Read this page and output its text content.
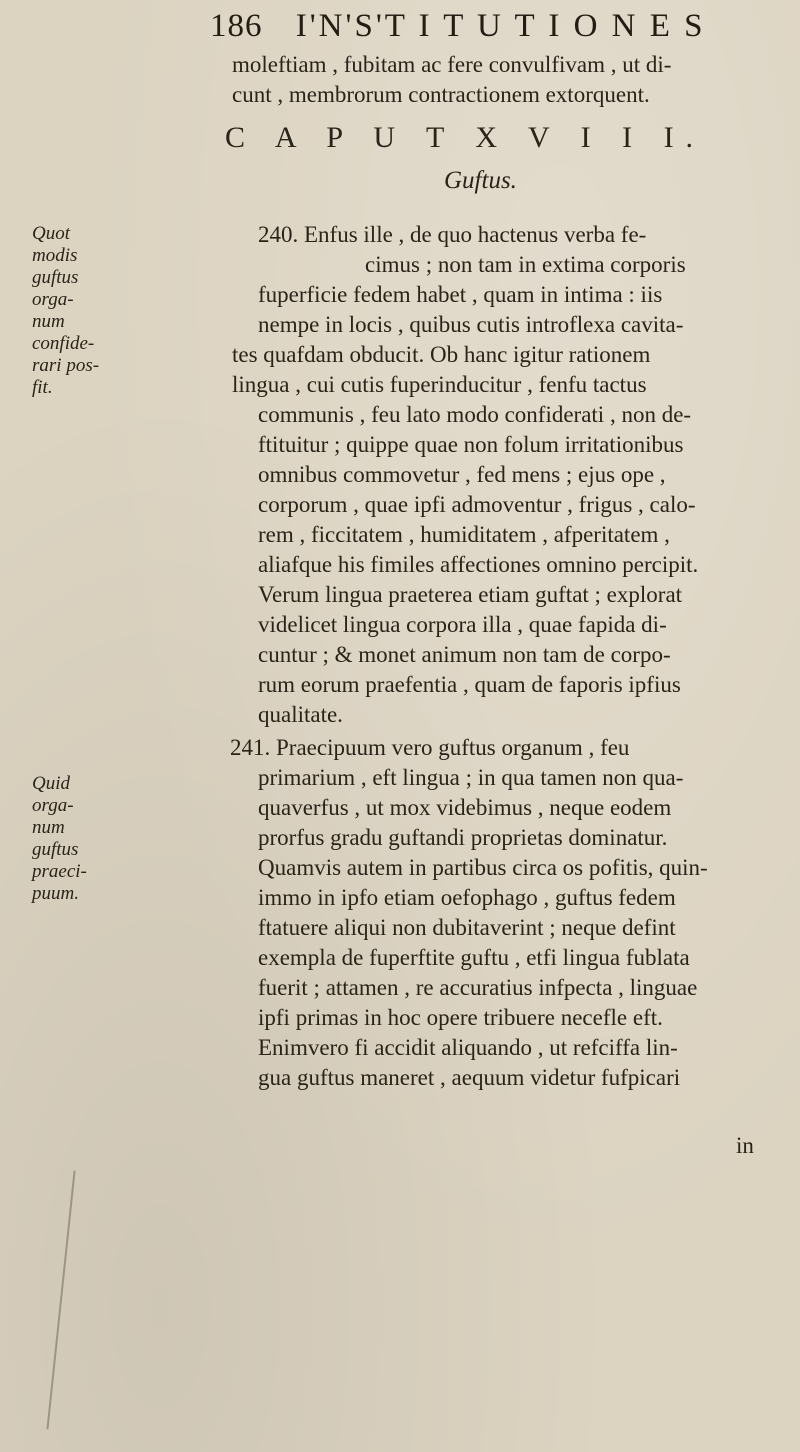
186 I'N'S'T I T U T I O N E S
moleftiam , fubitam ac fere convulfivam , ut di-
cunt , membrorum contractionem extorquent.
C A P U T X V I I I.
Guftus.
Quot
modis
guftus
orga-
num
confide-
rari pos-
fit.
Quid
orga-
num
guftus
praeci-
puum.
240. Enfus ille , de quo hactenus verba fe-
cimus ; non tam in extima corporis
fuperficie fedem habet , quam in intima : iis
nempe in locis , quibus cutis introflexa cavita-
tes quafdam obducit. Ob hanc igitur rationem
lingua , cui cutis fuperinducitur , fenfu tactus
communis , feu lato modo confiderati , non de-
ftituitur ; quippe quae non folum irritationibus
omnibus commovetur , fed mens ; ejus ope ,
corporum , quae ipfi admoventur , frigus , calo-
rem , ficcitatem , humiditatem , afperitatem ,
aliafque his fimiles affectiones omnino percipit.
Verum lingua praeterea etiam guftat ; explorat
videlicet lingua corpora illa , quae fapida di-
cuntur ; & monet animum non tam de corpo-
rum eorum praefentia , quam de faporis ipfius
qualitate.
241. Praecipuum vero guftus organum , feu
primarium , eft lingua ; in qua tamen non qua-
quaverfus , ut mox videbimus , neque eodem
prorfus gradu guftandi proprietas dominatur.
Quamvis autem in partibus circa os pofitis, quin-
immo in ipfo etiam oefophago , guftus fedem
ftatuere aliqui non dubitaverint ; neque defint
exempla de fuperftite guftu , etfi lingua fublata
fuerit ; attamen , re accuratius infpecta , linguae
ipfi primas in hoc opere tribuere necefle eft.
Enimvero fi accidit aliquando , ut refciffa lin-
gua guftus maneret , aequum videtur fufpicari
in
